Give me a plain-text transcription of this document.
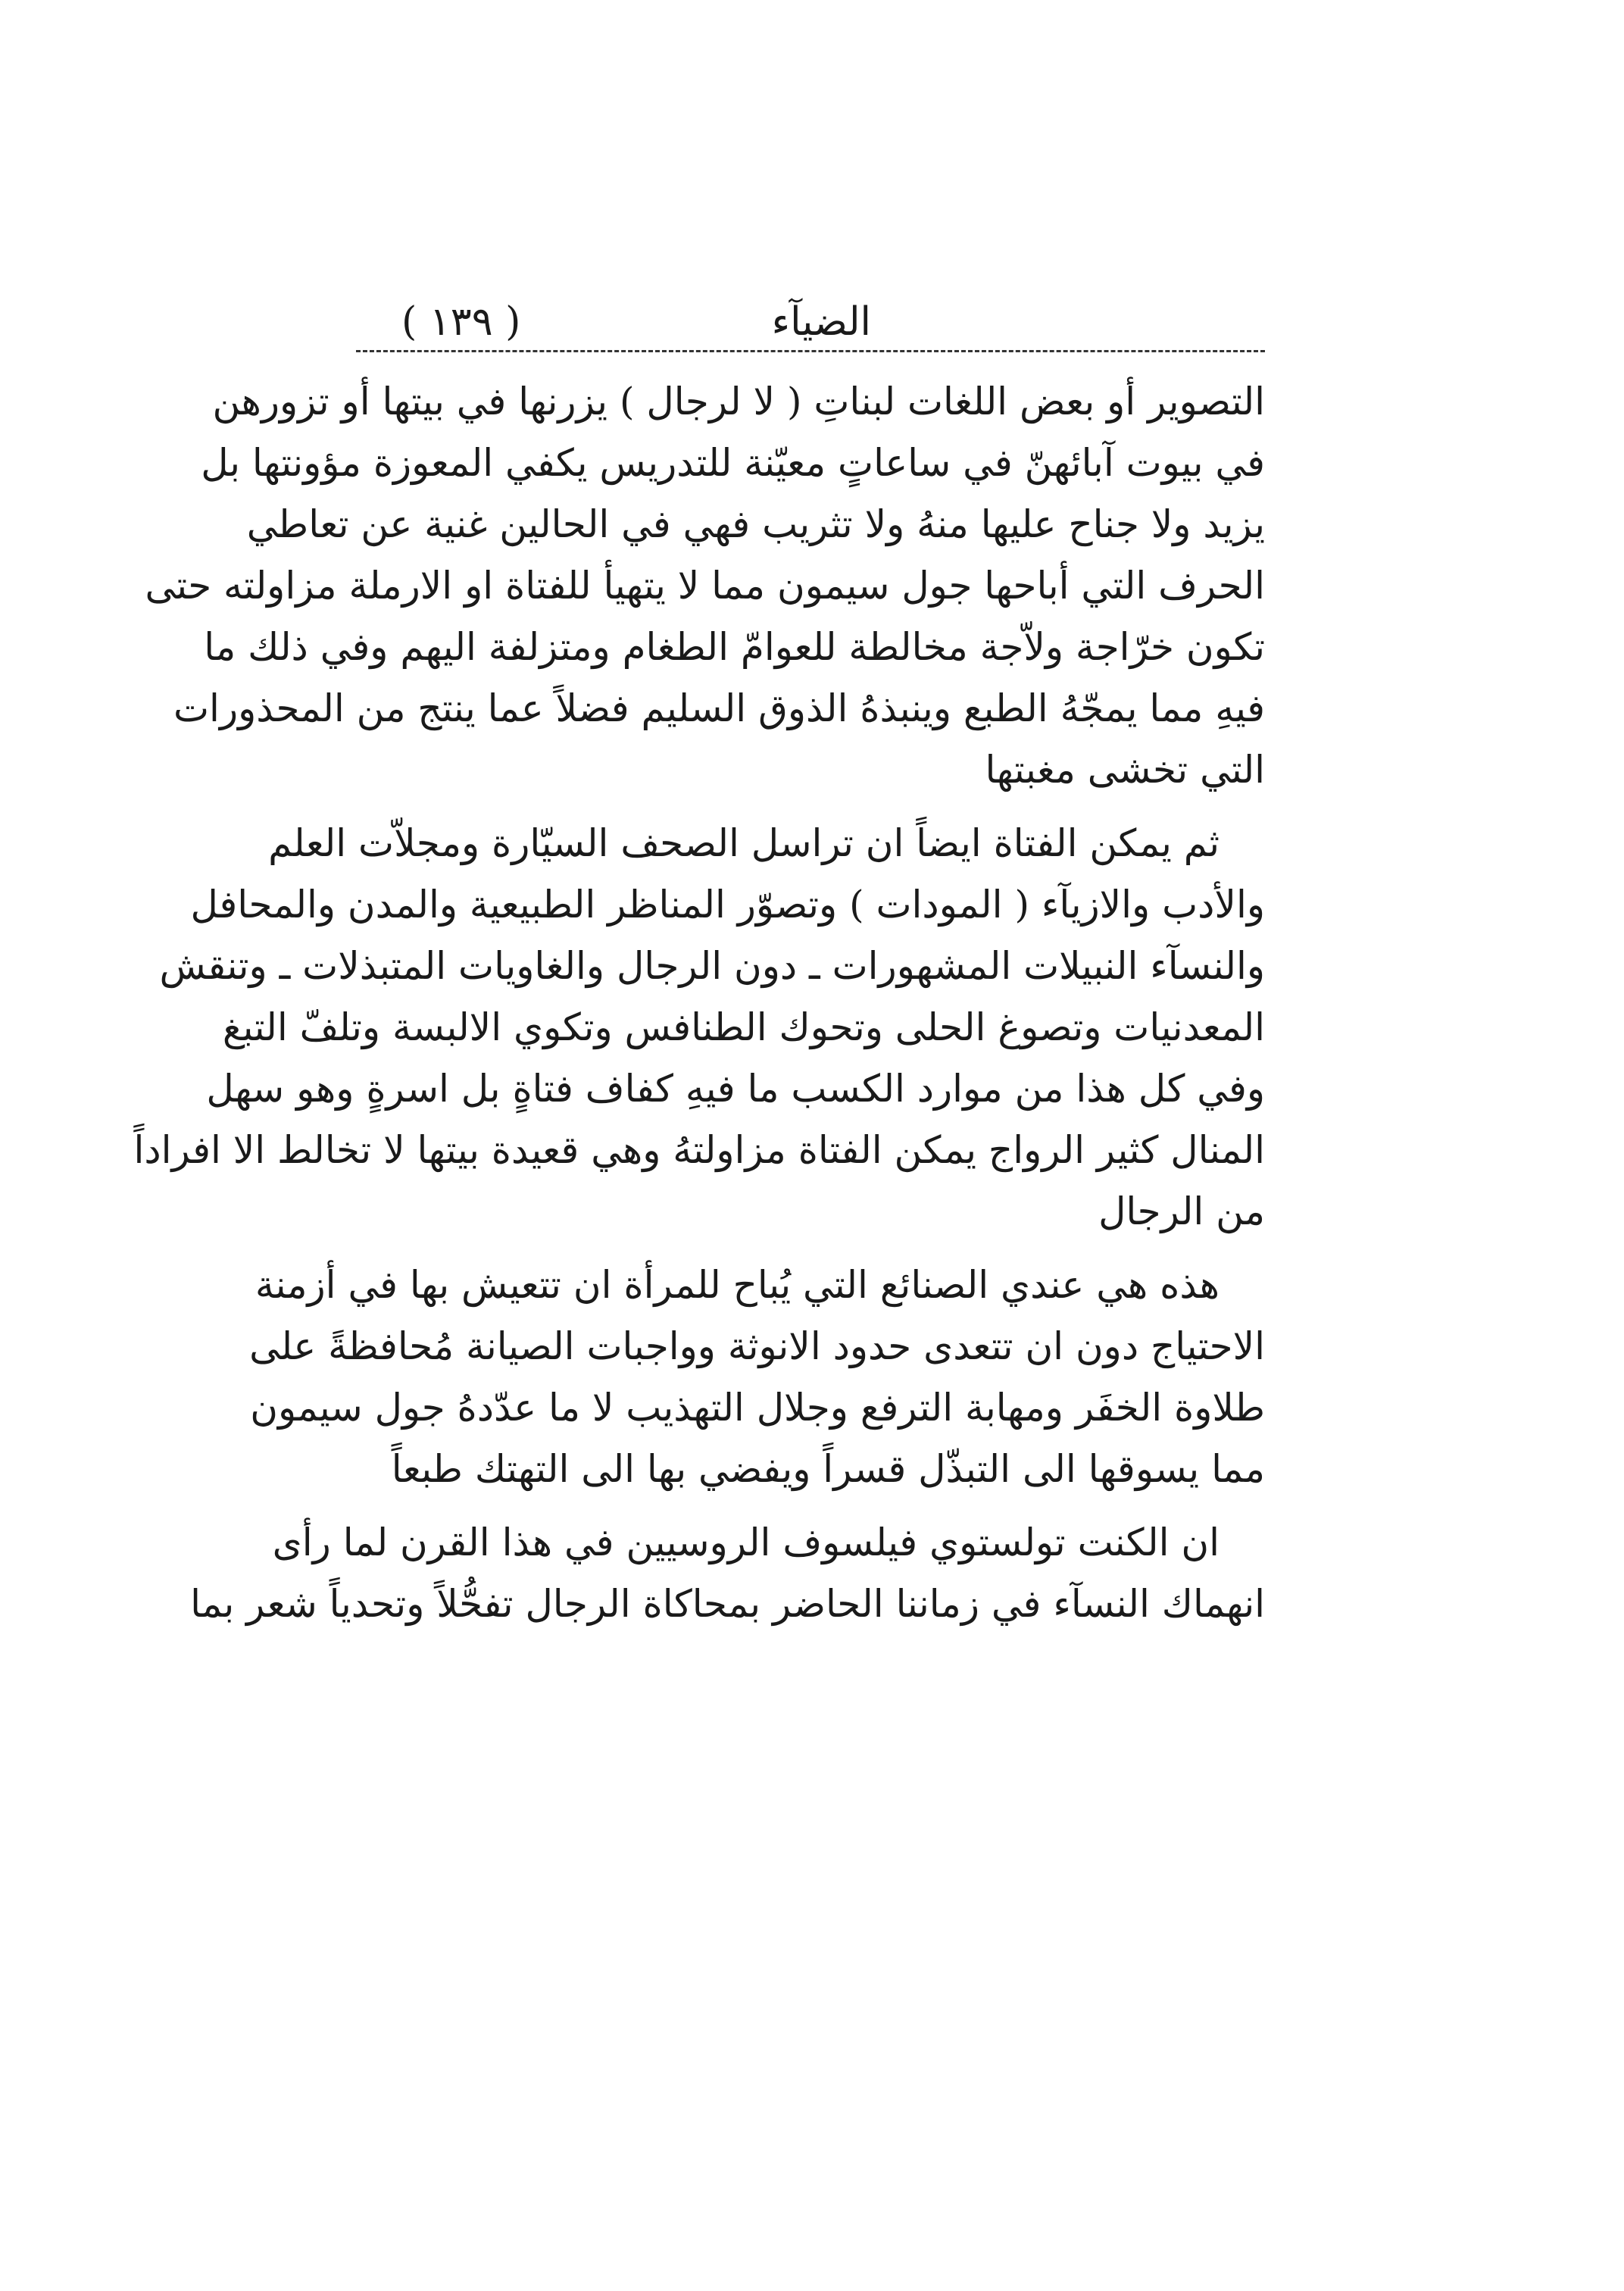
الضيآء
( ١٣٩ )
التصوير أو بعض اللغات لبناتِ ( لا لرجال ) يزرنها في بيتها أو تزورهن
في بيوت آبائهنّ في ساعاتٍ معيّنة للتدريس يكفي المعوزة مؤونتها بل
يزيد ولا جناح عليها منهُ ولا تثريب فهي في الحالين غنية عن تعاطي
الحرف التي أباحها جول سيمون مما لا يتهيأ للفتاة او الارملة مزاولته حتى
تكون خرّاجة ولاّجة مخالطة للعوامّ الطغام ومتزلفة اليهم وفي ذلك ما
فيهِ مما يمجّهُ الطبع وينبذهُ الذوق السليم فضلاً عما ينتج من المحذورات
التي تخشى مغبتها
ثم يمكن الفتاة ايضاً ان تراسل الصحف السيّارة ومجلاّت العلم
والأدب والازيآء ( المودات ) وتصوّر المناظر الطبيعية والمدن والمحافل
والنسآء النبيلات المشهورات ـ دون الرجال والغاويات المتبذلات ـ وتنقش
المعدنيات وتصوغ الحلى وتحوك الطنافس وتكوي الالبسة وتلفّ التبغ
وفي كل هذا من موارد الكسب ما فيهِ كفاف فتاةٍ بل اسرةٍ وهو سهل
المنال كثير الرواج يمكن الفتاة مزاولتهُ وهي قعيدة بيتها لا تخالط الا افراداً
من الرجال
هذه هي عندي الصنائع التي يُباح للمرأة ان تتعيش بها في أزمنة
الاحتياج دون ان تتعدى حدود الانوثة وواجبات الصيانة مُحافظةً على
طلاوة الخفَر ومهابة الترفع وجلال التهذيب لا ما عدّدهُ جول سيمون
مما يسوقها الى التبذّل قسراً ويفضي بها الى التهتك طبعاً
ان الكنت تولستوي فيلسوف الروسيين في هذا القرن لما رأى
انهماك النسآء في زماننا الحاضر بمحاكاة الرجال تفحُّلاً وتحدياً شعر بما
